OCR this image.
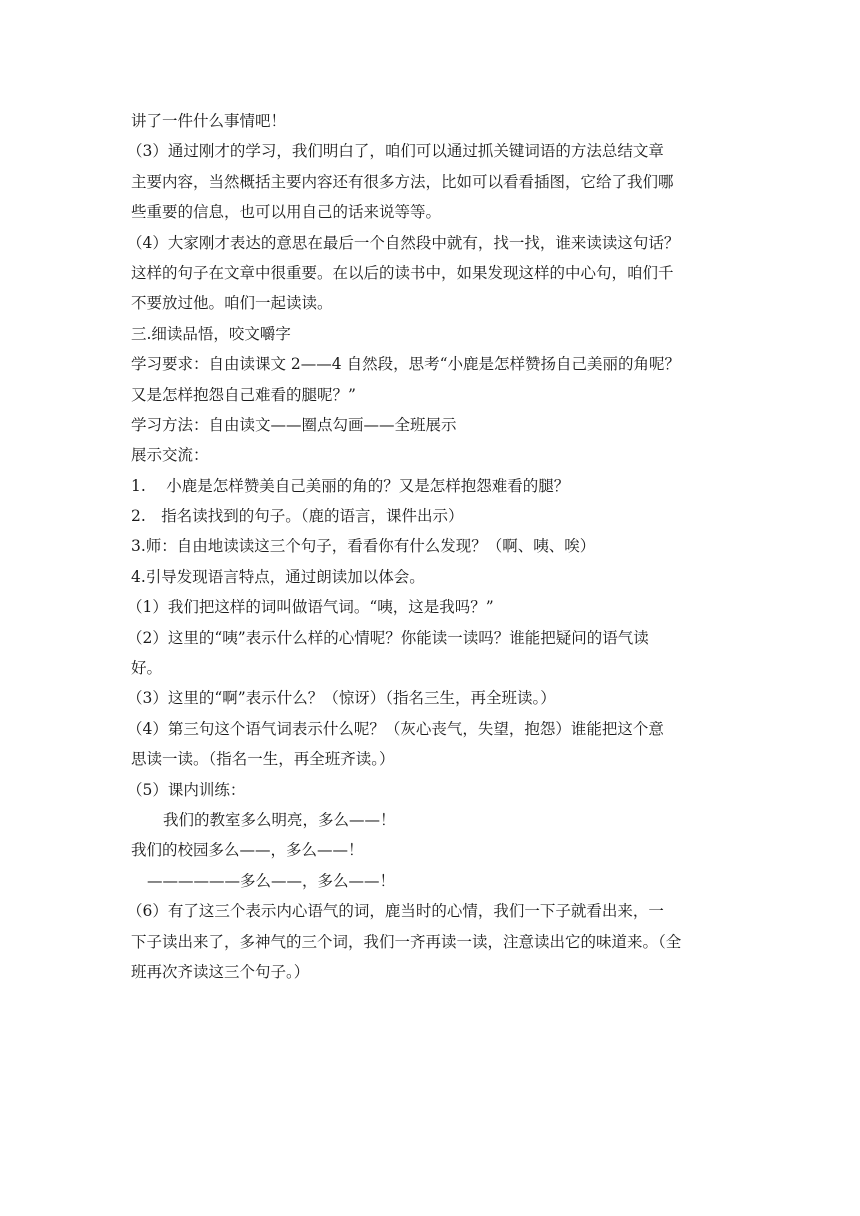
讲了一件什么事情吧！
（3）通过刚才的学习，我们明白了，咱们可以通过抓关键词语的方法总结文章
主要内容，当然概括主要内容还有很多方法，比如可以看看插图，它给了我们哪
些重要的信息，也可以用自己的话来说等等。
（4）大家刚才表达的意思在最后一个自然段中就有，找一找，谁来读读这句话？
这样的句子在文章中很重要。在以后的读书中，如果发现这样的中心句，咱们千
不要放过他。咱们一起读读。
三.细读品悟，咬文嚼字
学习要求：自由读课文 2——4 自然段，思考“小鹿是怎样赞扬自己美丽的角呢？
又是怎样抱怨自己难看的腿呢？”
学习方法：自由读文——圈点勾画——全班展示
展示交流：
1.　 小鹿是怎样赞美自己美丽的角的？又是怎样抱怨难看的腿？
2.　指名读找到的句子。（鹿的语言，课件出示）
3.师：自由地读读这三个句子，看看你有什么发现？（啊、咦、唉）
4.引导发现语言特点，通过朗读加以体会。
（1）我们把这样的词叫做语气词。“咦，这是我吗？”
（2）这里的“咦”表示什么样的心情呢？你能读一读吗？谁能把疑问的语气读
好。
（3）这里的“啊”表示什么？（惊讶）（指名三生，再全班读。）
（4）第三句这个语气词表示什么呢？（灰心丧气，失望，抱怨）谁能把这个意
思读一读。（指名一生，再全班齐读。）
（5）课内训练：
我们的教室多么明亮，多么——！
我们的校园多么——，多么——！
——————多么——，多么——！
（6）有了这三个表示内心语气的词，鹿当时的心情，我们一下子就看出来，一
下子读出来了，多神气的三个词，我们一齐再读一读，注意读出它的味道来。（全
班再次齐读这三个句子。）
